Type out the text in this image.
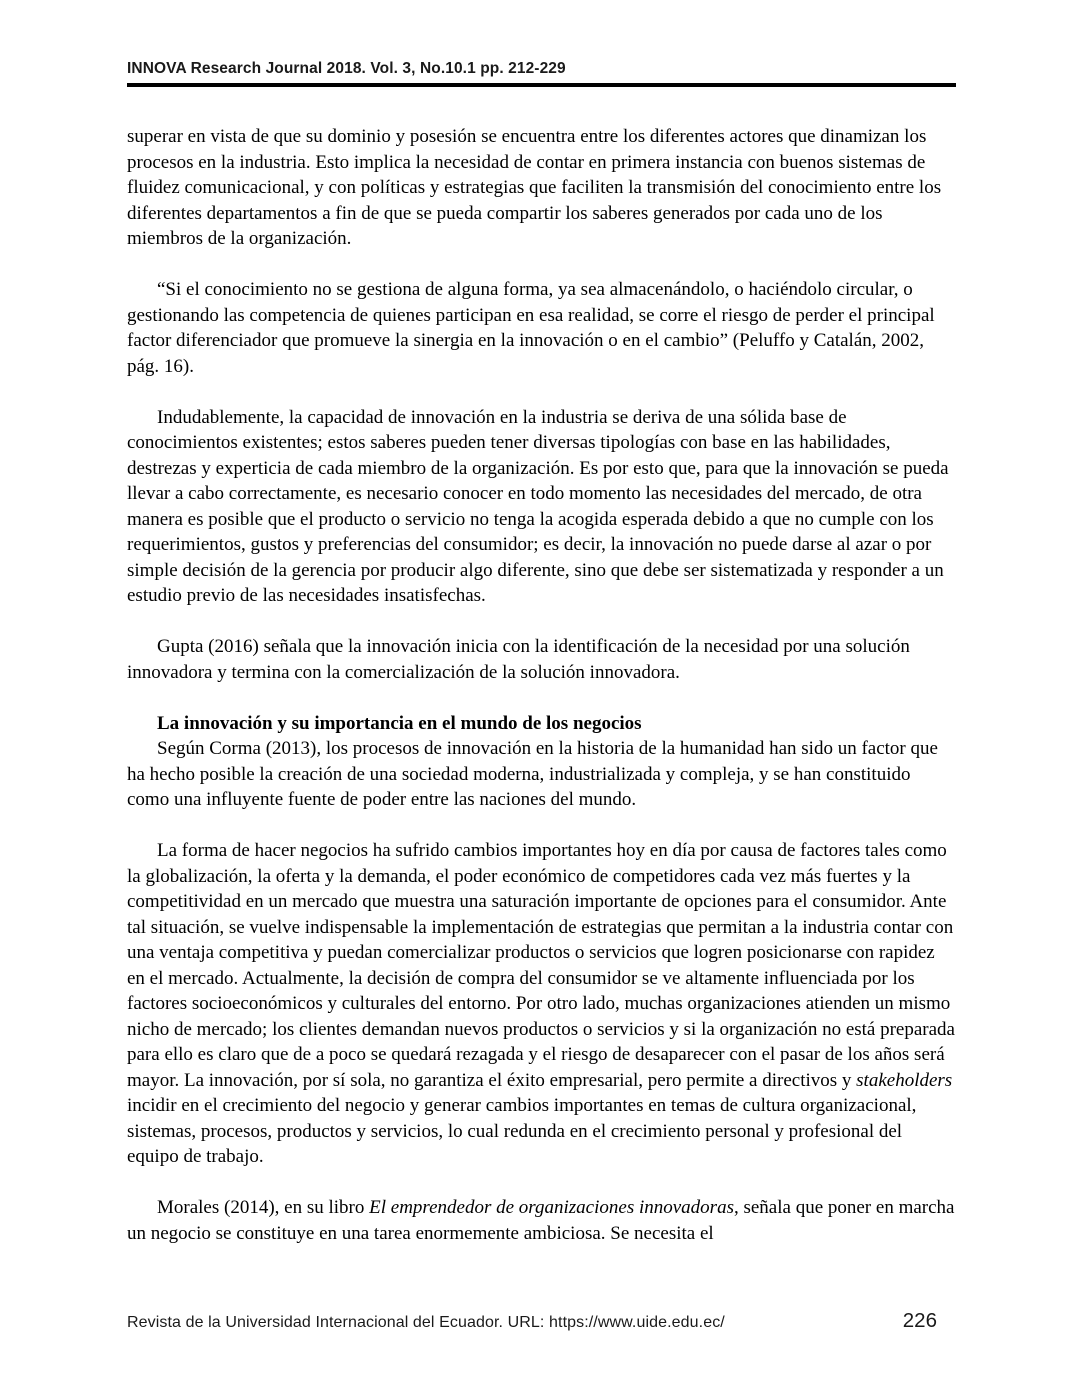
INNOVA Research Journal 2018. Vol. 3, No.10.1 pp. 212-229

superar en vista de que su dominio y posesión se encuentra entre los diferentes actores que dinamizan los procesos en la industria. Esto implica la necesidad de contar en primera instancia con buenos sistemas de fluidez comunicacional, y con políticas y estrategias que faciliten la transmisión del conocimiento entre los diferentes departamentos a fin de que se pueda compartir los saberes generados por cada uno de los miembros de la organización.

“Si el conocimiento no se gestiona de alguna forma, ya sea almacenándolo, o haciéndolo circular, o gestionando las competencia de quienes participan en esa realidad, se corre el riesgo de perder el principal factor diferenciador que promueve la sinergia en la innovación o en el cambio” (Peluffo y Catalán, 2002, pág. 16).

Indudablemente, la capacidad de innovación en la industria se deriva de una sólida base de conocimientos existentes; estos saberes pueden tener diversas tipologías con base en las habilidades, destrezas y experticia de cada miembro de la organización. Es por esto que, para que la innovación se pueda llevar a cabo correctamente, es necesario conocer en todo momento las necesidades del mercado, de otra manera es posible que el producto o servicio no tenga la acogida esperada debido a que no cumple con los requerimientos, gustos y preferencias del consumidor; es decir, la innovación no puede darse al azar o por simple decisión de la gerencia por producir algo diferente, sino que debe ser sistematizada y responder a un estudio previo de las necesidades insatisfechas.

Gupta (2016) señala que la innovación inicia con la identificación de la necesidad por una solución innovadora y termina con la comercialización de la solución innovadora.

La innovación y su importancia en el mundo de los negocios

Según Corma (2013), los procesos de innovación en la historia de la humanidad han sido un factor que ha hecho posible la creación de una sociedad moderna, industrializada y compleja, y se han constituido como una influyente fuente de poder entre las naciones del mundo.

La forma de hacer negocios ha sufrido cambios importantes hoy en día por causa de factores tales como la globalización, la oferta y la demanda, el poder económico de competidores cada vez más fuertes y la competitividad en un mercado que muestra una saturación importante de opciones para el consumidor. Ante tal situación, se vuelve indispensable la implementación de estrategias que permitan a la industria contar con una ventaja competitiva y puedan comercializar productos o servicios que logren posicionarse con rapidez en el mercado. Actualmente, la decisión de compra del consumidor se ve altamente influenciada por los factores socioeconómicos y culturales del entorno. Por otro lado, muchas organizaciones atienden un mismo nicho de mercado; los clientes demandan nuevos productos o servicios y si la organización no está preparada para ello es claro que de a poco se quedará rezagada y el riesgo de desaparecer con el pasar de los años será mayor. La innovación, por sí sola, no garantiza el éxito empresarial, pero permite a directivos y stakeholders incidir en el crecimiento del negocio y generar cambios importantes en temas de cultura organizacional, sistemas, procesos, productos y servicios, lo cual redunda en el crecimiento personal y profesional del equipo de trabajo.

Morales (2014), en su libro El emprendedor de organizaciones innovadoras, señala que poner en marcha un negocio se constituye en una tarea enormemente ambiciosa. Se necesita el

Revista de la Universidad Internacional del Ecuador. URL: https://www.uide.edu.ec/	226
